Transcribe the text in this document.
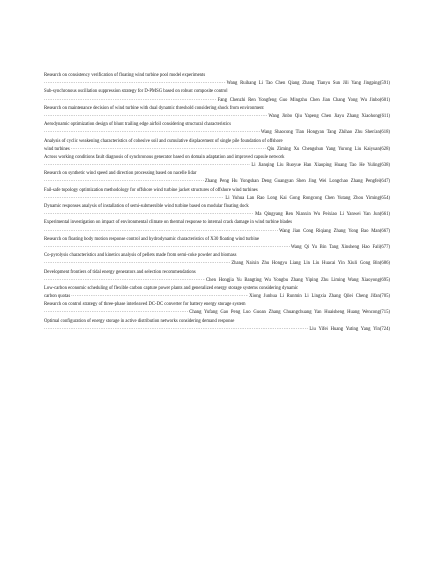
Research on consistency verification of floating wind turbine pool model experiments
·····
Wang Ruihang Li Tao Chen Qiang Zhang Tianyu Sun Jili Yang Jingping (591)
Sub-synchronous oscillation suppression strategy for D-PMSG based on robust composite control
·····
Fang Chenzhi Ren Yongfeng Guo Mingzhu Chen Jian Chang Yong Wu Jinbo (601)
Research on maintenance decision of wind turbine with dual dynamic threshold considering shock from environment
·····
Wang Jinbo Qiu Yapeng Chen Jiayu Zhang Xiaohong (611)
Aerodynamic optimization design of blunt trailing edge airfoil considering structural characteristics
·····
Wang Shaocong Tian Hongyan Tang Zhihao Zhu Shen'an (618)
Analysis of cyclic weakening characteristics of cohesive soil and cumulative displacement of single pile foundation of offshore
wind turbines ·····	Qiu Ziming Xu Chengshun Yang Yurong Liu Kaiyuan (628)
Across working conditions fault diagnosis of synchronous generator based on domain adaptation and improved capsule network
·····
Li Jianqing Liu Ruoyue Han Xiaoping Huang Tao He Yuling (638)
Research on synthetic wind speed and direction processing based on nacelle lidar
·····
Zhang Peng Hu Yongshan Deng Guangyan Shen Jing Wei Longchao Zhang Pengfei (647)
Fail-safe topology optimization methodology for offshore wind turbine jacket structures of offshore wind turbines
·····
Li Yuhua Lan Rao Long Kai Gong Rongcong Chen Yutang Zhou Yiming (654)
Dynamic responses analysis of installation of semi-submersible wind turbine based on modular floating dock
·····
Ma Qingyang Ren Nianxin Wu Peixiao Li Yanwei Yan Jun (661)
Experimental investigation on impact of environmental climate on thermal response to internal crack damage in wind turbine blades
·····
Wang Jian Cong Riqiang Zhang Yong Bao Man (667)
Research on floating body motion response control and hydrodynamic characteristics of X30 floating wind turbine
·····
Wang Qi Yu Bin Tang Xinsheng Hao Fali (677)
Co-pyrolysis characteristics and kinetics analysis of pellets made from semi-coke powder and biomass
·····
Zhang Naixin Zhu Hongyu Liang Lin Liu Huacai Yin Xiuli Gong Bin (686)
Development frontiers of tidal energy generators and selection recommendations
·····
Chen Hongjia Yu Bangting Wu Yongbu Zhang Yiping Zhu Liming Wang Xiaoyong (695)
Low-carbon economic scheduling of flexible carbon capture power plants and generalized energy storage systems considering dynamic
carbon quotas ·····	Xiong Junhua Li Runmin Li Lingxia Zhang Qilei Cheng Jifan (705)
Research on control strategy of three-phase interleaved DC-DC converter for battery energy storage system
·····
Chang Yufang Gao Peng Luo Guoan Zhang Chuangchuang Yan Huaisheng Huang Wencong (715)
Optimal configuration of energy storage in active distribution networks considering demand response
·····
Liu Yifei Huang Yuting Yang Yin (724)
